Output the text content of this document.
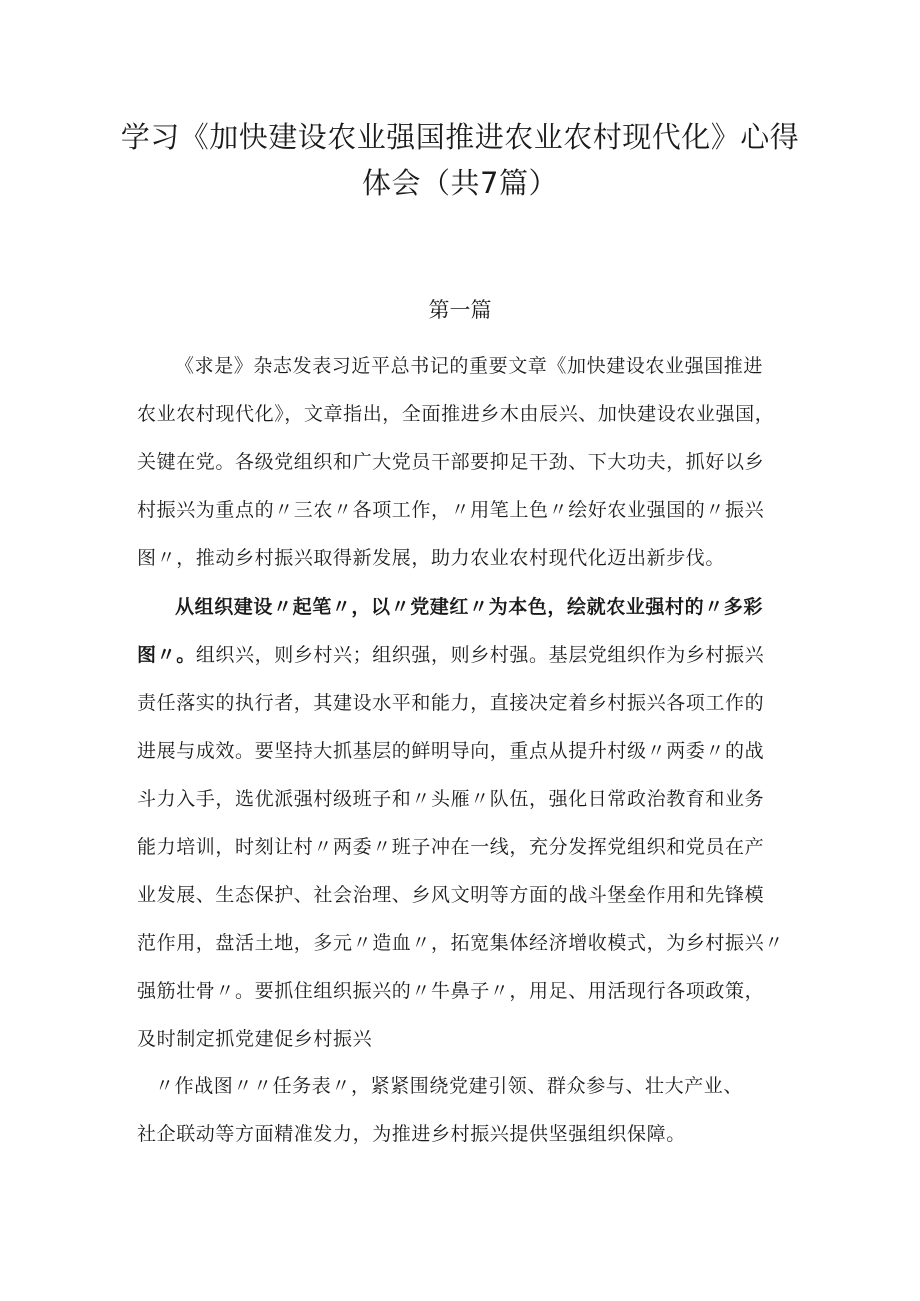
学习《加快建设农业强国推进农业农村现代化》心得
体会（共7篇）
第一篇
《求是》杂志发表习近平总书记的重要文章《加快建设农业强国推进
农业农村现代化》，文章指出，全面推进乡木由辰兴、加快建设农业强国，
关键在党。各级党组织和广大党员干部要抑足干劲、下大功夫，抓好以乡
村振兴为重点的〃三农〃各项工作，〃用笔上色〃绘好农业强国的〃振兴
图〃，推动乡村振兴取得新发展，助力农业农村现代化迈出新步伐。
从组织建设〃起笔〃，以〃党建红〃为本色，绘就农业强村的〃多彩
图〃。组织兴，则乡村兴；组织强，则乡村强。基层党组织作为乡村振兴
责任落实的执行者，其建设水平和能力，直接决定着乡村振兴各项工作的
进展与成效。要坚持大抓基层的鲜明导向，重点从提升村级〃两委〃的战
斗力入手，选优派强村级班子和〃头雁〃队伍，强化日常政治教育和业务
能力培训，时刻让村〃两委〃班子冲在一线，充分发挥党组织和党员在产
业发展、生态保护、社会治理、乡风文明等方面的战斗堡垒作用和先锋模
范作用，盘活土地，多元〃造血〃，拓宽集体经济增收模式，为乡村振兴〃
强筋壮骨〃。要抓住组织振兴的〃牛鼻子〃，用足、用活现行各项政策，
及时制定抓党建促乡村振兴
〃作战图〃〃任务表〃，紧紧围绕党建引领、群众参与、壮大产业、
社企联动等方面精准发力，为推进乡村振兴提供坚强组织保障。
